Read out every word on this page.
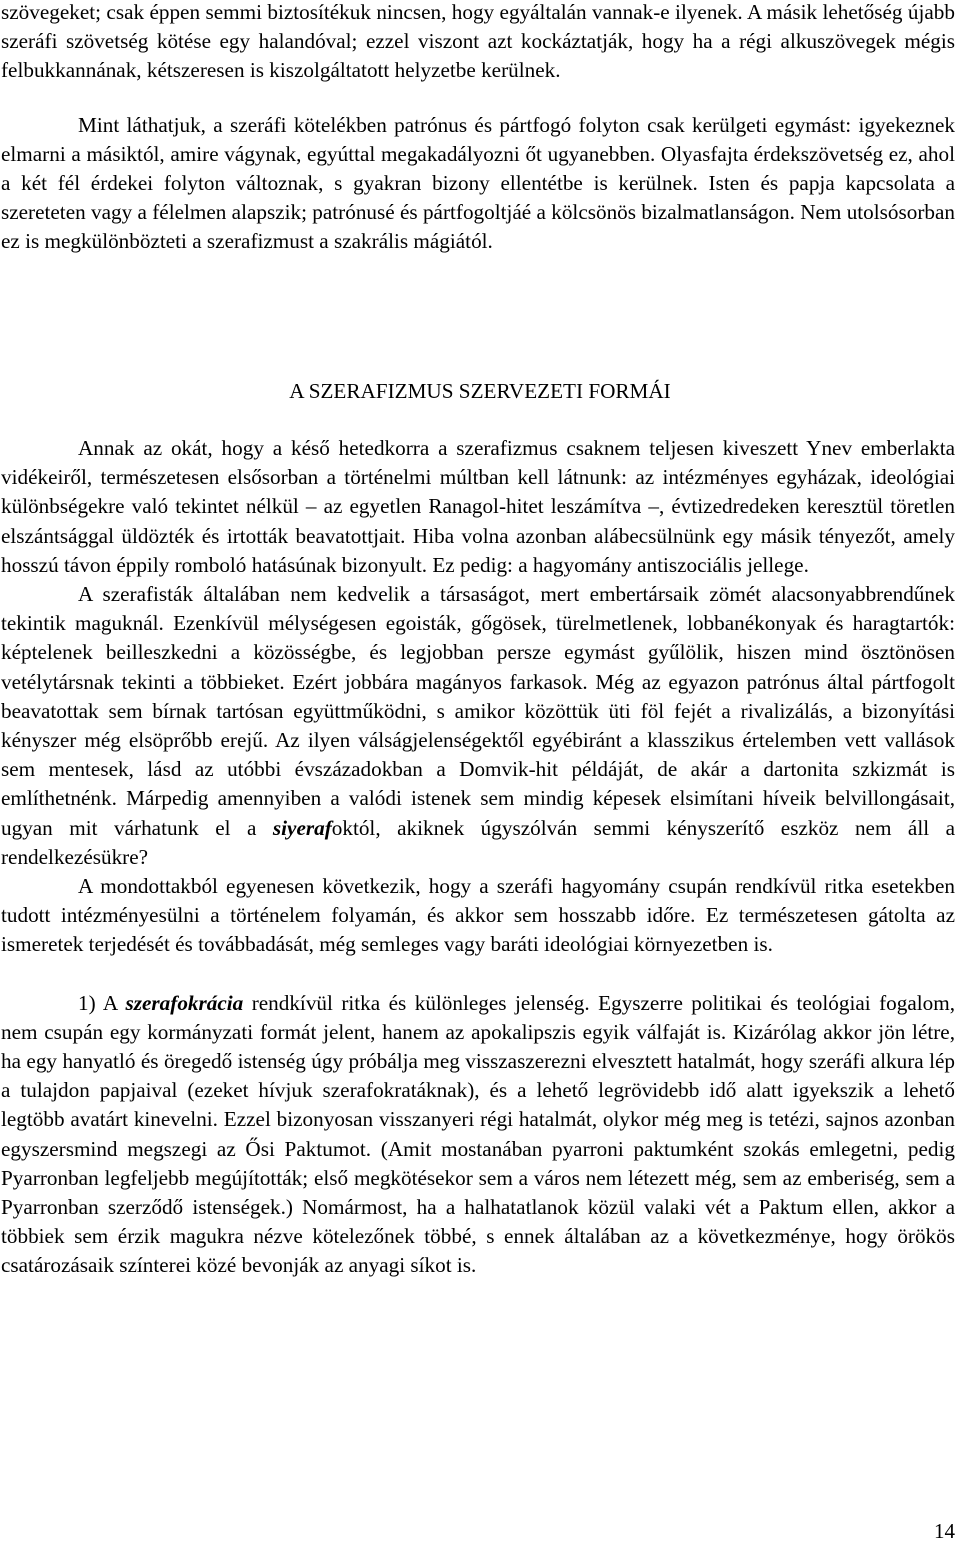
szövegeket; csak éppen semmi biztosítékuk nincsen, hogy egyáltalán vannak-e ilyenek. A másik lehetőség újabb szeráfi szövetség kötése egy halandóval; ezzel viszont azt kockáztatják, hogy ha a régi alkuszövegek mégis felbukkannának, kétszeresen is kiszolgáltatott helyzetbe kerülnek.

Mint láthatjuk, a szeráfi kötelékben patrónus és pártfogó folyton csak kerülgeti egymást: igyekeznek elmarni a másiktól, amire vágynak, egyúttal megakadályozni őt ugyanebben. Olyasfajta érdekszövetség ez, ahol a két fél érdekei folyton változnak, s gyakran bizony ellentétbe is kerülnek. Isten és papja kapcsolata a szereteten vagy a félelmen alapszik; patrónusé és pártfogoltjáé a kölcsönös bizalmatlanságon. Nem utolsósorban ez is megkülönbözteti a szerafizmust a szakrális mágiától.

A SZERAFIZMUS SZERVEZETI FORMÁI

Annak az okát, hogy a késő hetedkorra a szerafizmus csaknem teljesen kiveszett Ynev emberlakta vidékeiről, természetesen elsősorban a történelmi múltban kell látnunk: az intézményes egyházak, ideológiai különbségekre való tekintet nélkül – az egyetlen Ranagol-hitet leszámítva –, évtizedredeken keresztül töretlen elszántsággal üldözték és irtották beavatottjait. Hiba volna azonban alábecsülnünk egy másik tényezőt, amely hosszú távon éppily romboló hatásúnak bizonyult. Ez pedig: a hagyomány antiszociális jellege.

A szerafisták általában nem kedvelik a társaságot, mert embertársaik zömét alacsonyabbrendűnek tekintik maguknál. Ezenkívül mélységesen egoisták, gőgösek, türelmetlenek, lobbanékonyak és haragtartók: képtelenek beilleszkedni a közösségbe, és legjobban persze egymást gyűlölik, hiszen mind ösztönösen vetélytársnak tekinti a többieket. Ezért jobbára magányos farkasok. Még az egyazon patrónus által pártfogolt beavatottak sem bírnak tartósan együttműködni, s amikor közöttük üti föl fejét a rivalizálás, a bizonyítási kényszer még elsöprőbb erejű. Az ilyen válságjelenségektől egyébiránt a klasszikus értelemben vett vallások sem mentesek, lásd az utóbbi évszázadokban a Domvik-hit példáját, de akár a dartonita szkizmát is említhetnénk. Márpedig amennyiben a valódi istenek sem mindig képesek elsimítani híveik belvillongásait, ugyan mit várhatunk el a siyerafoktól, akiknek úgyszólván semmi kényszerítő eszköz nem áll a rendelkezésükre?

A mondottakból egyenesen következik, hogy a szeráfi hagyomány csupán rendkívül ritka esetekben tudott intézményesülni a történelem folyamán, és akkor sem hosszabb időre. Ez természetesen gátolta az ismeretek terjedését és továbbadását, még semleges vagy baráti ideológiai környezetben is.

1) A szerafokrácia rendkívül ritka és különleges jelenség. Egyszerre politikai és teológiai fogalom, nem csupán egy kormányzati formát jelent, hanem az apokalipszis egyik válfaját is. Kizárólag akkor jön létre, ha egy hanyatló és öregedő istenség úgy próbálja meg visszaszerezni elvesztett hatalmát, hogy szeráfi alkura lép a tulajdon papjaival (ezeket hívjuk szerafokratáknak), és a lehető legrövidebb idő alatt igyekszik a lehető legtöbb avatárt kinevelni. Ezzel bizonyosan visszanyeri régi hatalmát, olykor még meg is tetézi, sajnos azonban egyszersmind megszegi az Ősi Paktumot. (Amit mostanában pyarroni paktumként szokás emlegetni, pedig Pyarronban legfeljebb megújították; első megkötésekor sem a város nem létezett még, sem az emberiség, sem a Pyarronban szerződő istenségek.) Nomármost, ha a halhatatlanok közül valaki vét a Paktum ellen, akkor a többiek sem érzik magukra nézve kötelezőnek többé, s ennek általában az a következménye, hogy örökös csatározásaik színterei közé bevonják az anyagi síkot is.

14
